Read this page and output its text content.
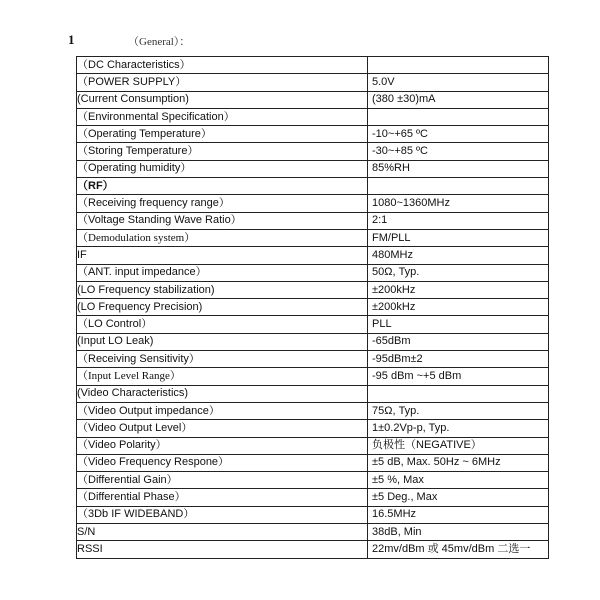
1	（General）：
（DC Characteristics）	
（POWER SUPPLY）	5.0V
(Current Consumption)	(380 ±30)mA
（Environmental Specification）	
（Operating Temperature）	-10~+65 ºC
（Storing Temperature）	-30~+85 ºC
（Operating humidity）	85%RH
（RF）	
（Receiving frequency range）	1080~1360MHz
（Voltage Standing Wave Ratio）	2:1
（Demodulation system）	FM/PLL
IF	480MHz
（ANT. input impedance）	50Ω, Typ.
(LO Frequency stabilization)	±200kHz
(LO Frequency Precision)	±200kHz
（LO Control）	PLL
(Input LO Leak)	-65dBm
（Receiving Sensitivity）	-95dBm±2
（Input Level Range）	-95 dBm ~+5 dBm
(Video Characteristics)	
（Video Output impedance）	75Ω, Typ.
（Video Output Level）	1±0.2Vp-p, Typ.
（Video Polarity）	负极性（NEGATIVE）
（Video Frequency Respone）	±5 dB, Max. 50Hz ~ 6MHz
（Differential Gain）	±5 %, Max
（Differential Phase）	±5 Deg., Max
（3Db IF WIDEBAND）	16.5MHz
S/N	38dB, Min
RSSI	22mv/dBm 或 45mv/dBm 二选一
